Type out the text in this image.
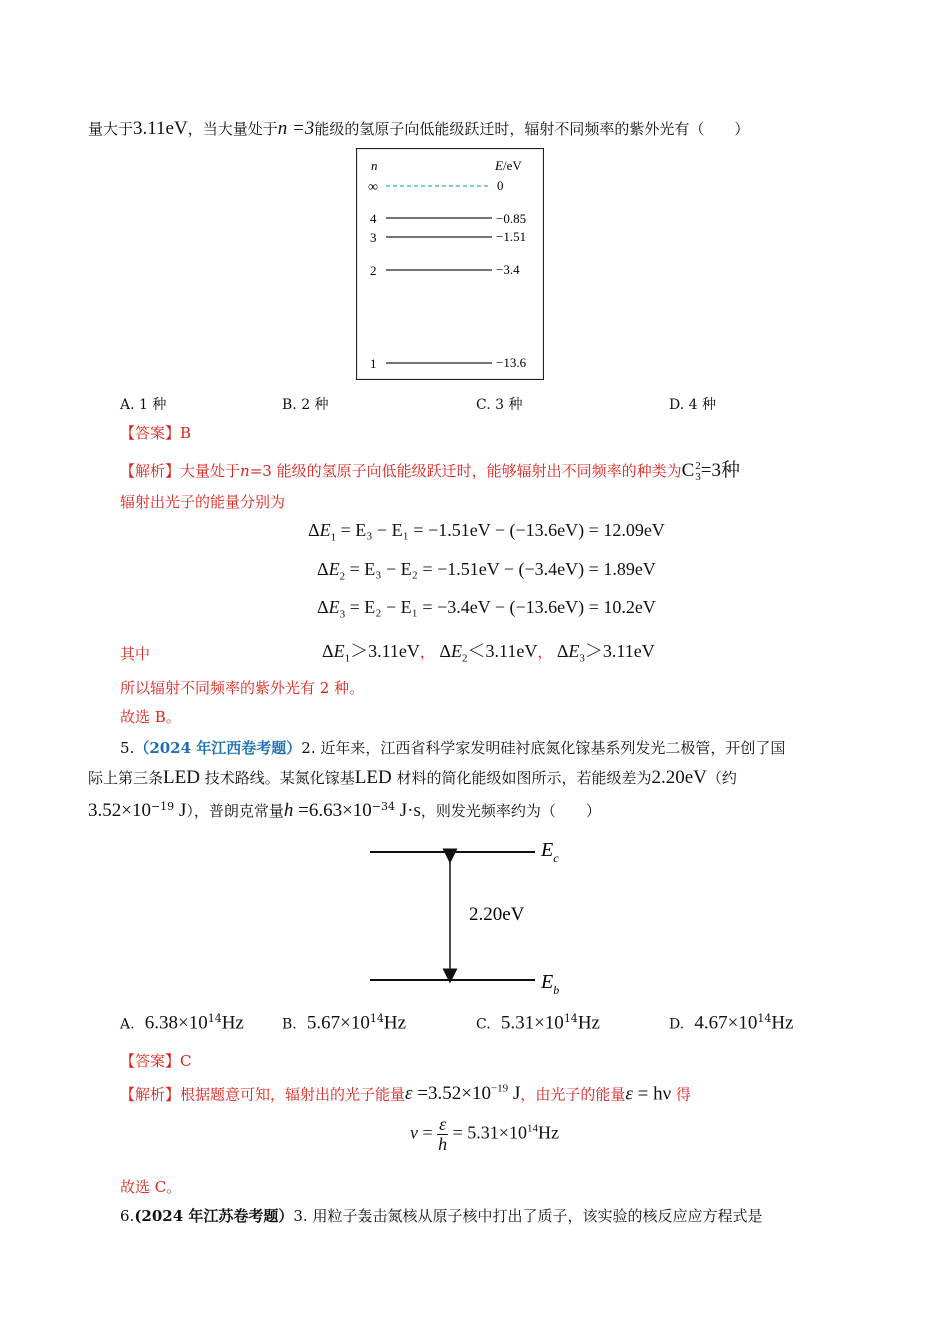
量大于3.11eV，当大量处于n =3能级的氢原子向低能级跃迁时，辐射不同频率的紫外光有（　　）
n	E/eV
∞	0
4	−0.85
3	−1.51
2	−3.4
1	−13.6
A. 1 种	B. 2 种	C. 3 种	D. 4 种
【答案】B
【解析】大量处于n=3 能级的氢原子向低能级跃迁时，能够辐射出不同频率的种类为C 2
3 =3种
辐射出光子的能量分别为
$\Delta E_1 = E_3 - E_1 = -1.51eV - (-13.6eV) = 12.09eV$
$\Delta E_2 = E_3 - E_2 = -1.51eV - (-3.4eV) = 1.89eV$
$\Delta E_3 = E_2 - E_1 = -3.4eV - (-13.6eV) = 10.2eV$
其中	$\Delta E_1>3.11eV$， $\Delta E_2<3.11eV$， $\Delta E_3>3.11eV$
所以辐射不同频率的紫外光有 2 种。
故选 B。
5.（2024 年江西卷考题）2. 近年来，江西省科学家发明硅衬底氮化镓基系列发光二极管，开创了国
际上第三条LED 技术路线。某氮化镓基LED 材料的简化能级如图所示，若能级差为2.20eV（约
$3.52\times 10^{-19}$ J），普朗克常量$h =6.63\times 10^{-34}$ J·s，则发光频率约为（　　）
2.20eV
$E_c$
$E_b$
A. $6.38\times 10^{14}Hz$	B. $5.67\times 10^{14}Hz$	C. $5.31\times 10^{14}Hz$	D. $4.67\times 10^{14}Hz$
【答案】C
【解析】根据题意可知，辐射出的光子能量$\varepsilon =3.52\times 10^{-19}$ J，由光子的能量ε = hν 得
$\nu = \frac{\varepsilon}{h} = 5.31\times 10^{14}Hz$
故选 C。
6.(2024 年江苏卷考题）3. 用粒子轰击氮核从原子核中打出了质子，该实验的核反应应方程式是
